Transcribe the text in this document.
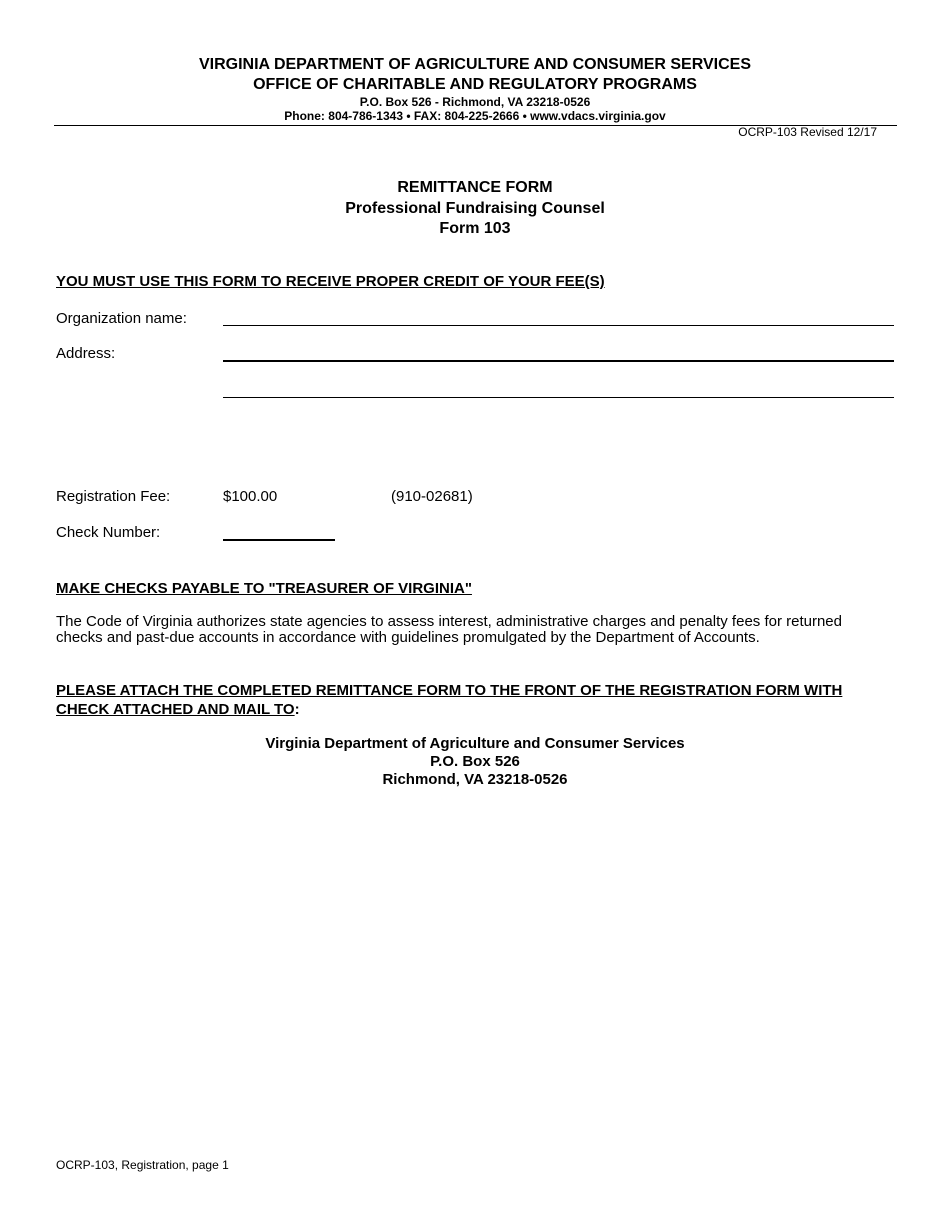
VIRGINIA DEPARTMENT OF AGRICULTURE AND CONSUMER SERVICES
OFFICE OF CHARITABLE AND REGULATORY PROGRAMS
P.O. Box 526 - Richmond, VA 23218-0526
Phone: 804-786-1343 • FAX: 804-225-2666 • www.vdacs.virginia.gov
OCRP-103 Revised 12/17
REMITTANCE FORM
Professional Fundraising Counsel
Form 103
YOU MUST USE THIS FORM TO RECEIVE PROPER CREDIT OF YOUR FEE(S)
Organization name:
Address:
Registration Fee:	$100.00	(910-02681)
Check Number:
MAKE CHECKS PAYABLE TO "TREASURER OF VIRGINIA"
The Code of Virginia authorizes state agencies to assess interest, administrative charges and penalty fees for returned
checks and past-due accounts in accordance with guidelines promulgated by the Department of Accounts.
PLEASE ATTACH THE COMPLETED REMITTANCE FORM TO THE FRONT OF THE REGISTRATION FORM WITH
CHECK ATTACHED AND MAIL TO:
Virginia Department of Agriculture and Consumer Services
P.O. Box 526
Richmond, VA 23218-0526
OCRP-103, Registration, page 1
